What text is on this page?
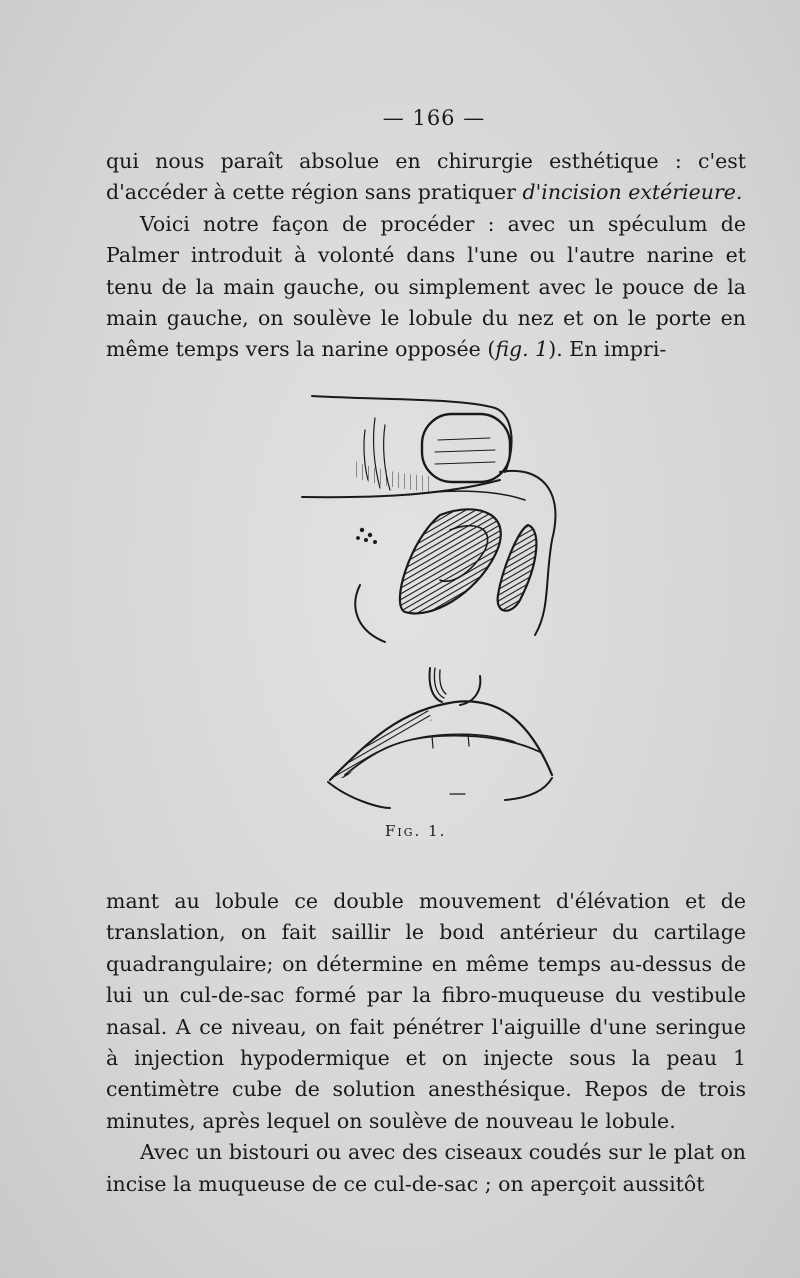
— 166 —

qui nous paraît absolue en chirurgie esthétique : c'est d'accéder à cette région sans pratiquer d'incision extérieure.

Voici notre façon de procéder : avec un spéculum de Palmer introduit à volonté dans l'une ou l'autre narine et tenu de la main gauche, ou simplement avec le pouce de la main gauche, on soulève le lobule du nez et on le porte en même temps vers la narine opposée (fig. 1). En impri-

Fig. 1.

mant au lobule ce double mouvement d'élévation et de translation, on fait saillir le boıd antérieur du cartilage quadrangulaire; on détermine en même temps au-dessus de lui un cul-de-sac formé par la fibro-muqueuse du vestibule nasal. A ce niveau, on fait pénétrer l'aiguille d'une seringue à injection hypodermique et on injecte sous la peau 1 centimètre cube de solution anesthésique. Repos de trois minutes, après lequel on soulève de nouveau le lobule.

Avec un bistouri ou avec des ciseaux coudés sur le plat on incise la muqueuse de ce cul-de-sac ; on aperçoit aussitôt
